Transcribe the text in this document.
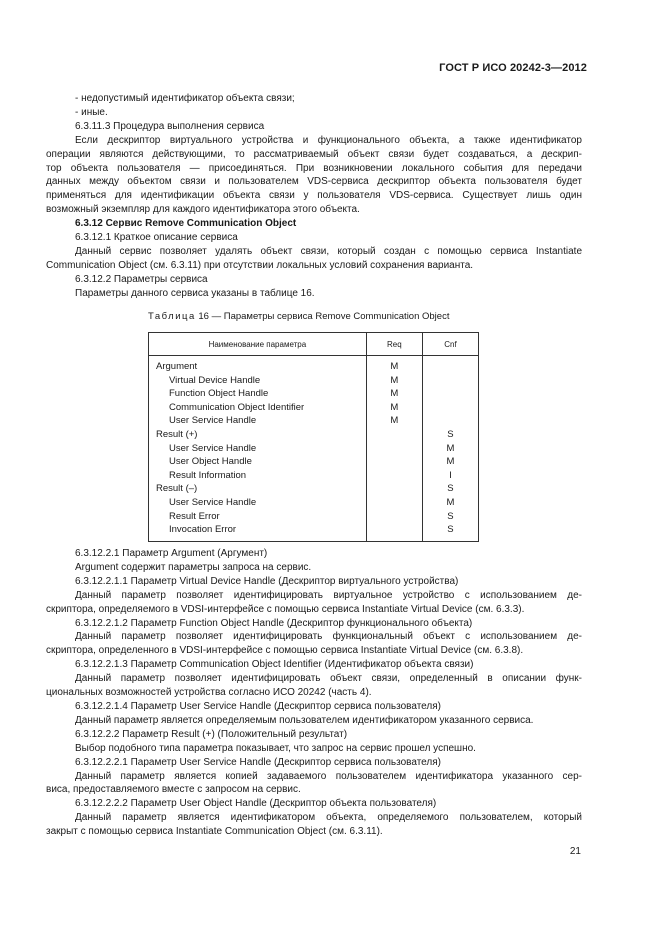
ГОСТ Р ИСО 20242-3—2012
- недопустимый идентификатор объекта связи;
- иные.
6.3.11.3 Процедура выполнения сервиса
Если дескриптор виртуального устройства и функционального объекта, а также идентификатор
операции являются действующими, то рассматриваемый объект связи будет создаваться, а дескрип-
тор объекта пользователя — присоединяться. При возникновении локального события для передачи
данных между объектом связи и пользователем VDS-сервиса дескриптор объекта пользователя будет
применяться для идентификации объекта связи у пользователя VDS-сервиса. Существует лишь один
возможный экземпляр для каждого идентификатора этого объекта.
6.3.12 Сервис Remove Communication Object
6.3.12.1 Краткое описание сервиса
Данный сервис позволяет удалять объект связи, который создан с помощью сервиса Instantiate
Communication Object (см. 6.3.11) при отсутствии локальных условий сохранения варианта.
6.3.12.2 Параметры сервиса
Параметры данного сервиса указаны в таблице 16.
Таблица 16 — Параметры сервиса Remove Communication Object
Наименование параметра	Req	Cnf
Argument	M	
Virtual Device Handle	M	
Function Object Handle	M	
Communication Object Identifier	M	
User Service Handle	M	
Result (+)		S
User Service Handle		M
User Object Handle		M
Result Information		I
Result (–)		S
User Service Handle		M
Result Error		S
Invocation Error		S
6.3.12.2.1 Параметр Argument (Аргумент)
Argument содержит параметры запроса на сервис.
6.3.12.2.1.1 Параметр Virtual Device Handle (Дескриптор виртуального устройства)
Данный параметр позволяет идентифицировать виртуальное устройство с использованием де-
скриптора, определяемого в VDSI-интерфейсе с помощью сервиса Instantiate Virtual Device (см. 6.3.3).
6.3.12.2.1.2 Параметр Function Object Handle (Дескриптор функционального объекта)
Данный параметр позволяет идентифицировать функциональный объект с использованием де-
скриптора, определенного в VDSI-интерфейсе с помощью сервиса Instantiate Virtual Device (см. 6.3.8).
6.3.12.2.1.3 Параметр Communication Object Identifier (Идентификатор объекта связи)
Данный параметр позволяет идентифицировать объект связи, определенный в описании функ-
циональных возможностей устройства согласно ИСО 20242 (часть 4).
6.3.12.2.1.4 Параметр User Service Handle (Дескриптор сервиса пользователя)
Данный параметр является определяемым пользователем идентификатором указанного сервиса.
6.3.12.2.2 Параметр Result (+) (Положительный результат)
Выбор подобного типа параметра показывает, что запрос на сервис прошел успешно.
6.3.12.2.2.1 Параметр User Service Handle (Дескриптор сервиса пользователя)
Данный параметр является копией задаваемого пользователем идентификатора указанного сер-
виса, предоставляемого вместе с запросом на сервис.
6.3.12.2.2.2 Параметр User Object Handle (Дескриптор объекта пользователя)
Данный параметр является идентификатором объекта, определяемого пользователем, который
закрыт с помощью сервиса Instantiate Communication Object (см. 6.3.11).
21
